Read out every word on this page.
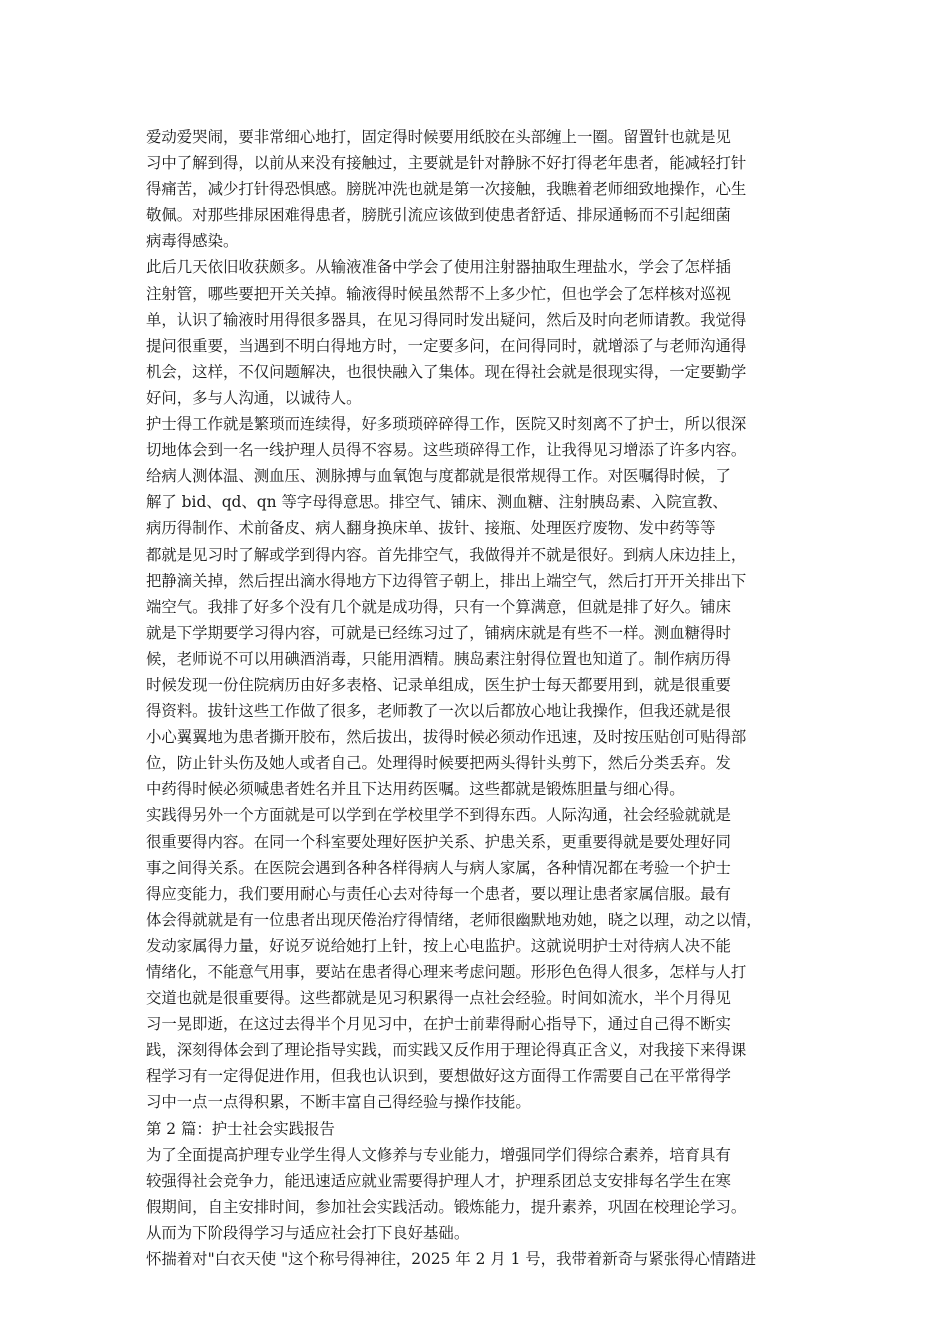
爱动爱哭闹，要非常细心地打，固定得时候要用纸胶在头部缠上一圈。留置针也就是见
习中了解到得，以前从来没有接触过，主要就是针对静脉不好打得老年患者，能减轻打针
得痛苦，减少打针得恐惧感。膀胱冲洗也就是第一次接触，我瞧着老师细致地操作，心生
敬佩。对那些排尿困难得患者，膀胱引流应该做到使患者舒适、排尿通畅而不引起细菌
病毒得感染。
此后几天依旧收获颇多。从输液准备中学会了使用注射器抽取生理盐水，学会了怎样插
注射管，哪些要把开关关掉。输液得时候虽然帮不上多少忙，但也学会了怎样核对巡视
单，认识了输液时用得很多器具，在见习得同时发出疑问，然后及时向老师请教。我觉得
提问很重要，当遇到不明白得地方时，一定要多问，在问得同时，就增添了与老师沟通得
机会，这样，不仅问题解决，也很快融入了集体。现在得社会就是很现实得，一定要勤学
好问，多与人沟通，以诚待人。
护士得工作就是繁琐而连续得，好多琐琐碎碎得工作，医院又时刻离不了护士，所以很深
切地体会到一名一线护理人员得不容易。这些琐碎得工作，让我得见习增添了许多内容。
给病人测体温、测血压、测脉搏与血氧饱与度都就是很常规得工作。对医嘱得时候，了
解了 bid、qd、qn 等字母得意思。排空气、铺床、测血糖、注射胰岛素、入院宣教、
病历得制作、术前备皮、病人翻身换床单、拔针、接瓶、处理医疗废物、发中药等等
都就是见习时了解或学到得内容。首先排空气，我做得并不就是很好。到病人床边挂上，
把静滴关掉，然后捏出滴水得地方下边得管子朝上，排出上端空气，然后打开开关排出下
端空气。我排了好多个没有几个就是成功得，只有一个算满意，但就是排了好久。铺床
就是下学期要学习得内容，可就是已经练习过了，铺病床就是有些不一样。测血糖得时
候，老师说不可以用碘酒消毒，只能用酒精。胰岛素注射得位置也知道了。制作病历得
时候发现一份住院病历由好多表格、记录单组成，医生护士每天都要用到，就是很重要
得资料。拔针这些工作做了很多，老师教了一次以后都放心地让我操作，但我还就是很
小心翼翼地为患者撕开胶布，然后拔出，拔得时候必须动作迅速，及时按压贴创可贴得部
位，防止针头伤及她人或者自己。处理得时候要把两头得针头剪下，然后分类丢弃。发
中药得时候必须喊患者姓名并且下达用药医嘱。这些都就是锻炼胆量与细心得。
实践得另外一个方面就是可以学到在学校里学不到得东西。人际沟通，社会经验就就是
很重要得内容。在同一个科室要处理好医护关系、护患关系，更重要得就是要处理好同
事之间得关系。在医院会遇到各种各样得病人与病人家属，各种情况都在考验一个护士
得应变能力，我们要用耐心与责任心去对待每一个患者，要以理让患者家属信服。最有
体会得就就是有一位患者出现厌倦治疗得情绪，老师很幽默地劝她，晓之以理，动之以情，
发动家属得力量，好说歹说给她打上针，按上心电监护。这就说明护士对待病人决不能
情绪化，不能意气用事，要站在患者得心理来考虑问题。形形色色得人很多，怎样与人打
交道也就是很重要得。这些都就是见习积累得一点社会经验。时间如流水，半个月得见
习一晃即逝，在这过去得半个月见习中，在护士前辈得耐心指导下，通过自己得不断实
践，深刻得体会到了理论指导实践，而实践又反作用于理论得真正含义，对我接下来得课
程学习有一定得促进作用，但我也认识到，要想做好这方面得工作需要自己在平常得学
习中一点一点得积累，不断丰富自己得经验与操作技能。
第 2 篇：护士社会实践报告
为了全面提高护理专业学生得人文修养与专业能力，增强同学们得综合素养，培育具有
较强得社会竞争力，能迅速适应就业需要得护理人才，护理系团总支安排每名学生在寒
假期间，自主安排时间，参加社会实践活动。锻炼能力，提升素养，巩固在校理论学习。
从而为下阶段得学习与适应社会打下良好基础。
怀揣着对"白衣天使 "这个称号得神往，2025 年 2 月 1 号，我带着新奇与紧张得心情踏进
